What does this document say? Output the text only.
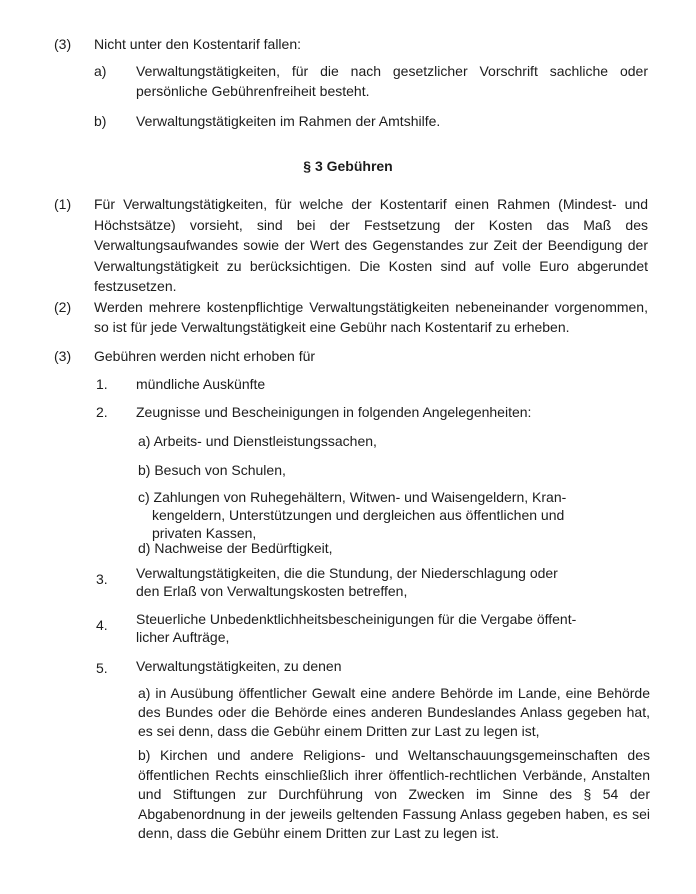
(3) Nicht unter den Kostentarif fallen:
a) Verwaltungstätigkeiten, für die nach gesetzlicher Vorschrift sachliche oder
persönliche Gebührenfreiheit besteht.
b) Verwaltungstätigkeiten im Rahmen der Amtshilfe.
§ 3 Gebühren
(1) Für Verwaltungstätigkeiten, für welche der Kostentarif einen Rahmen (Mindest- und
Höchstsätze) vorsieht, sind bei der Festsetzung der Kosten das Maß des
Verwaltungsaufwandes sowie der Wert des Gegenstandes zur Zeit der Beendigung der
Verwaltungstätigkeit zu berücksichtigen. Die Kosten sind auf volle Euro abgerundet
festzusetzen.
(2) Werden mehrere kostenpflichtige Verwaltungstätigkeiten nebeneinander vorgenommen,
so ist für jede Verwaltungstätigkeit eine Gebühr nach Kostentarif zu erheben.
(3) Gebühren werden nicht erhoben für
1. mündliche Auskünfte
2. Zeugnisse und Bescheinigungen in folgenden Angelegenheiten:
a) Arbeits- und Dienstleistungssachen,
b) Besuch von Schulen,
c) Zahlungen von Ruhegehältern, Witwen- und Waisengeldern, Kran-
kengeldern, Unterstützungen und dergleichen aus öffentlichen und
privaten Kassen,
d) Nachweise der Bedürftigkeit,
3. Verwaltungstätigkeiten, die die Stundung, der Niederschlagung oder
den Erlaß von Verwaltungskosten betreffen,
4. Steuerliche Unbedenktlichheitsbescheinigungen für die Vergabe öffent-
licher Aufträge,
5. Verwaltungstätigkeiten, zu denen
a) in Ausübung öffentlicher Gewalt eine andere Behörde im Lande, eine Behörde
des Bundes oder die Behörde eines anderen Bundeslandes Anlass gegeben hat,
es sei denn, dass die Gebühr einem Dritten zur Last zu legen ist,
b) Kirchen und andere Religions- und Weltanschauungsgemeinschaften des
öffentlichen Rechts einschließlich ihrer öffentlich-rechtlichen Verbände, Anstalten
und Stiftungen zur Durchführung von Zwecken im Sinne des § 54 der
Abgabenordnung in der jeweils geltenden Fassung Anlass gegeben haben, es sei
denn, dass die Gebühr einem Dritten zur Last zu legen ist.
